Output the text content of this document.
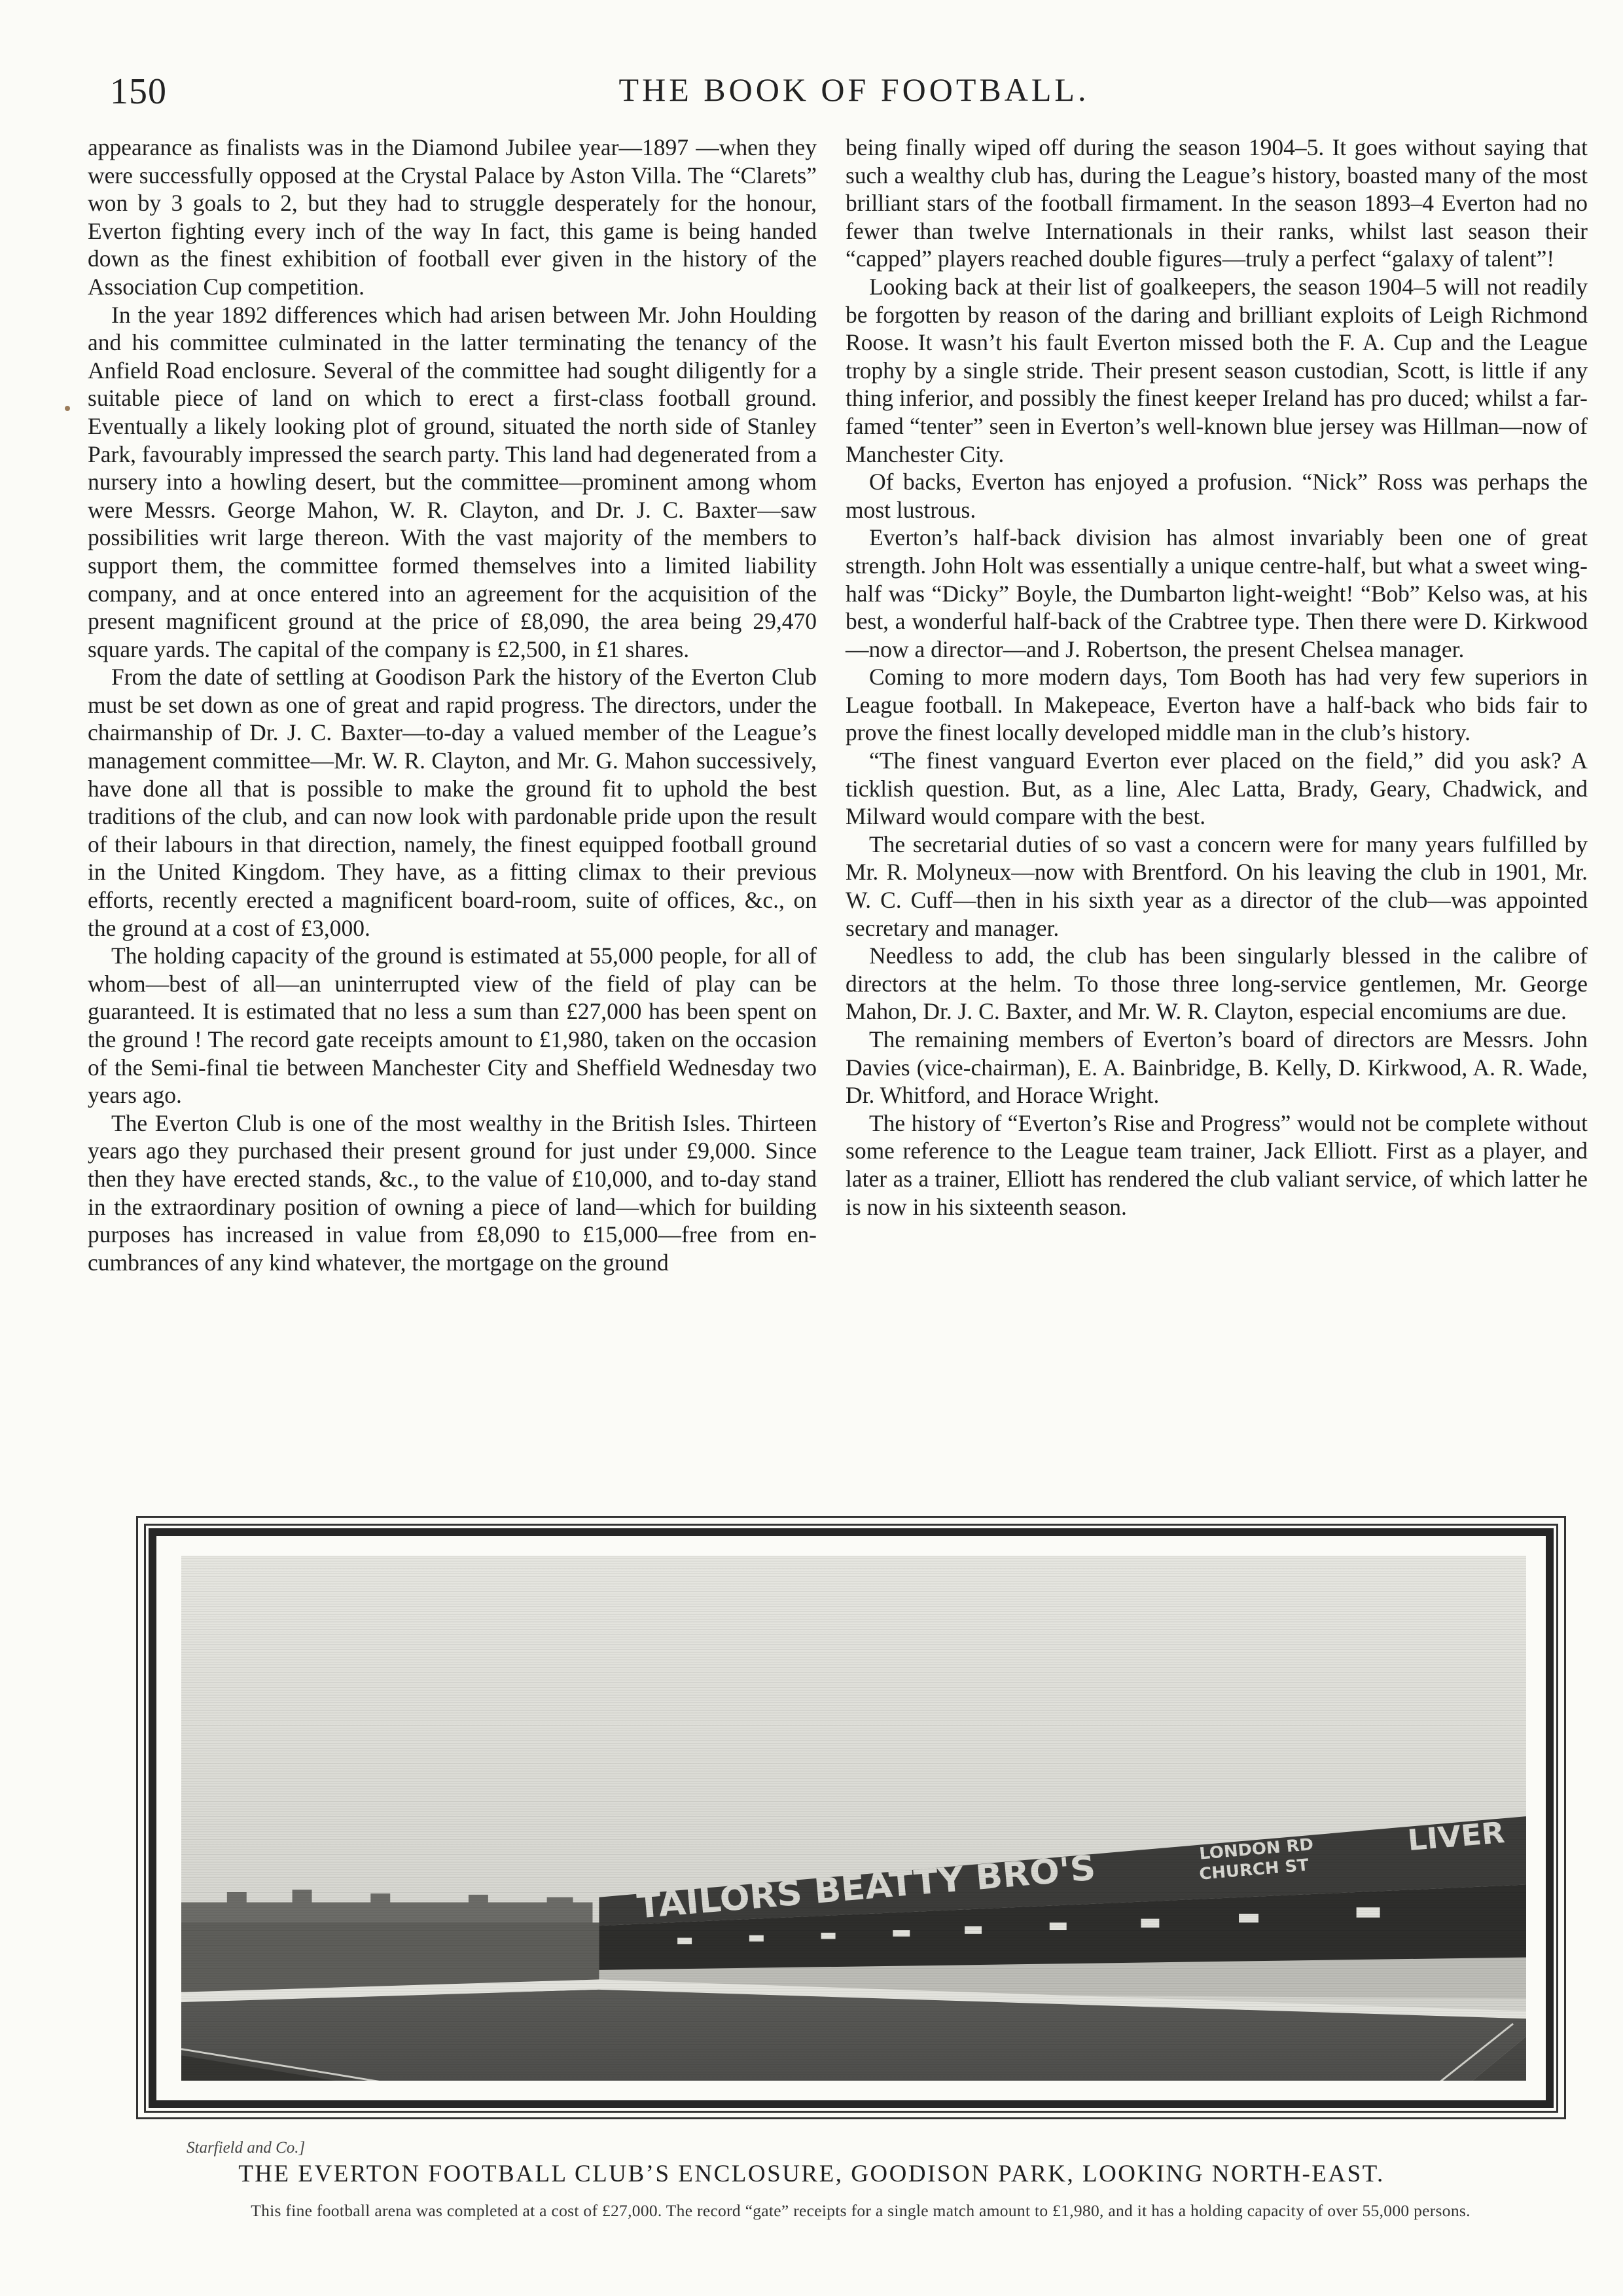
150	THE BOOK OF FOOTBALL.

appearance as finalists was in the Diamond Jubilee year—1897 —when they were successfully opposed at the Crystal Palace by Aston Villa. The “Clarets” won by 3 goals to 2, but they had to struggle desperately for the honour, Everton fighting every inch of the way In fact, this game is being handed down as the finest exhibition of football ever given in the history of the Association Cup competition.

In the year 1892 differences which had arisen between Mr. John Houlding and his committee culminated in the latter terminating the tenancy of the Anfield Road enclosure. Several of the committee had sought diligently for a suitable piece of land on which to erect a first-class football ground. Eventually a likely looking plot of ground, situated the north side of Stanley Park, favourably impressed the search party. This land had degenerated from a nursery into a howling desert, but the committee—prominent among whom were Messrs. George Mahon, W. R. Clayton, and Dr. J. C. Baxter—saw possibilities writ large thereon. With the vast majority of the members to support them, the committee formed themselves into a limited liability company, and at once entered into an agreement for the acquisition of the present magnificent ground at the price of £8,090, the area being 29,470 square yards. The capital of the company is £2,500, in £1 shares.

From the date of settling at Goodison Park the history of the Everton Club must be set down as one of great and rapid progress. The directors, under the chairmanship of Dr. J. C. Baxter—to-day a valued member of the League’s management committee—Mr. W. R. Clayton, and Mr. G. Mahon successively, have done all that is possible to make the ground fit to uphold the best traditions of the club, and can now look with pardonable pride upon the result of their labours in that direction, namely, the finest equipped football ground in the United Kingdom. They have, as a fitting climax to their previous efforts, recently erected a magnificent board-room, suite of offices, &c., on the ground at a cost of £3,000.

The holding capacity of the ground is estimated at 55,000 people, for all of whom—best of all—an uninterrupted view of the field of play can be guaranteed. It is estimated that no less a sum than £27,000 has been spent on the ground ! The record gate receipts amount to £1,980, taken on the occasion of the Semi-final tie between Manchester City and Sheffield Wednesday two years ago.

The Everton Club is one of the most wealthy in the British Isles. Thirteen years ago they purchased their present ground for just under £9,000. Since then they have erected stands, &c., to the value of £10,000, and to-day stand in the extraordinary position of owning a piece of land—which for building purposes has increased in value from £8,090 to £15,000—free from encumbrances of any kind whatever, the mortgage on the ground

being finally wiped off during the season 1904–5. It goes without saying that such a wealthy club has, during the League’s history, boasted many of the most brilliant stars of the football firmament. In the season 1893–4 Everton had no fewer than twelve Internationals in their ranks, whilst last season their “capped” players reached double figures—truly a perfect “galaxy of talent”!

Looking back at their list of goalkeepers, the season 1904–5 will not readily be forgotten by reason of the daring and brilliant exploits of Leigh Richmond Roose. It wasn’t his fault Everton missed both the F. A. Cup and the League trophy by a single stride. Their present season custodian, Scott, is little if any thing inferior, and possibly the finest keeper Ireland has pro duced; whilst a far-famed “tenter” seen in Everton’s well-known blue jersey was Hillman—now of Manchester City.

Of backs, Everton has enjoyed a profusion. “Nick” Ross was perhaps the most lustrous.

Everton’s half-back division has almost invariably been one of great strength. John Holt was essentially a unique centre-half, but what a sweet wing-half was “Dicky” Boyle, the Dumbarton light-weight! “Bob” Kelso was, at his best, a wonderful half-back of the Crabtree type. Then there were D. Kirkwood—now a director—and J. Robertson, the present Chelsea manager.

Coming to more modern days, Tom Booth has had very few superiors in League football. In Makepeace, Everton have a half-back who bids fair to prove the finest locally developed middle man in the club’s history.

“The finest vanguard Everton ever placed on the field,” did you ask? A ticklish question. But, as a line, Alec Latta, Brady, Geary, Chadwick, and Milward would compare with the best.

The secretarial duties of so vast a concern were for many years fulfilled by Mr. R. Molyneux—now with Brentford. On his leaving the club in 1901, Mr. W. C. Cuff—then in his sixth year as a director of the club—was appointed secretary and manager.

Needless to add, the club has been singularly blessed in the calibre of directors at the helm. To those three long-service gentlemen, Mr. George Mahon, Dr. J. C. Baxter, and Mr. W. R. Clayton, especial encomiums are due.

The remaining members of Everton’s board of directors are Messrs. John Davies (vice-chairman), E. A. Bainbridge, B. Kelly, D. Kirkwood, A. R. Wade, Dr. Whitford, and Horace Wright.

The history of “Everton’s Rise and Progress” would not be complete without some reference to the League team trainer, Jack Elliott. First as a player, and later as a trainer, Elliott has rendered the club valiant service, of which latter he is now in his sixteenth season.

Starfield and Co.]
THE EVERTON FOOTBALL CLUB’S ENCLOSURE, GOODISON PARK, LOOKING NORTH-EAST.
This fine football arena was completed at a cost of £27,000. The record “gate” receipts for a single match amount to £1,980, and it has a holding capacity of over 55,000 persons.
